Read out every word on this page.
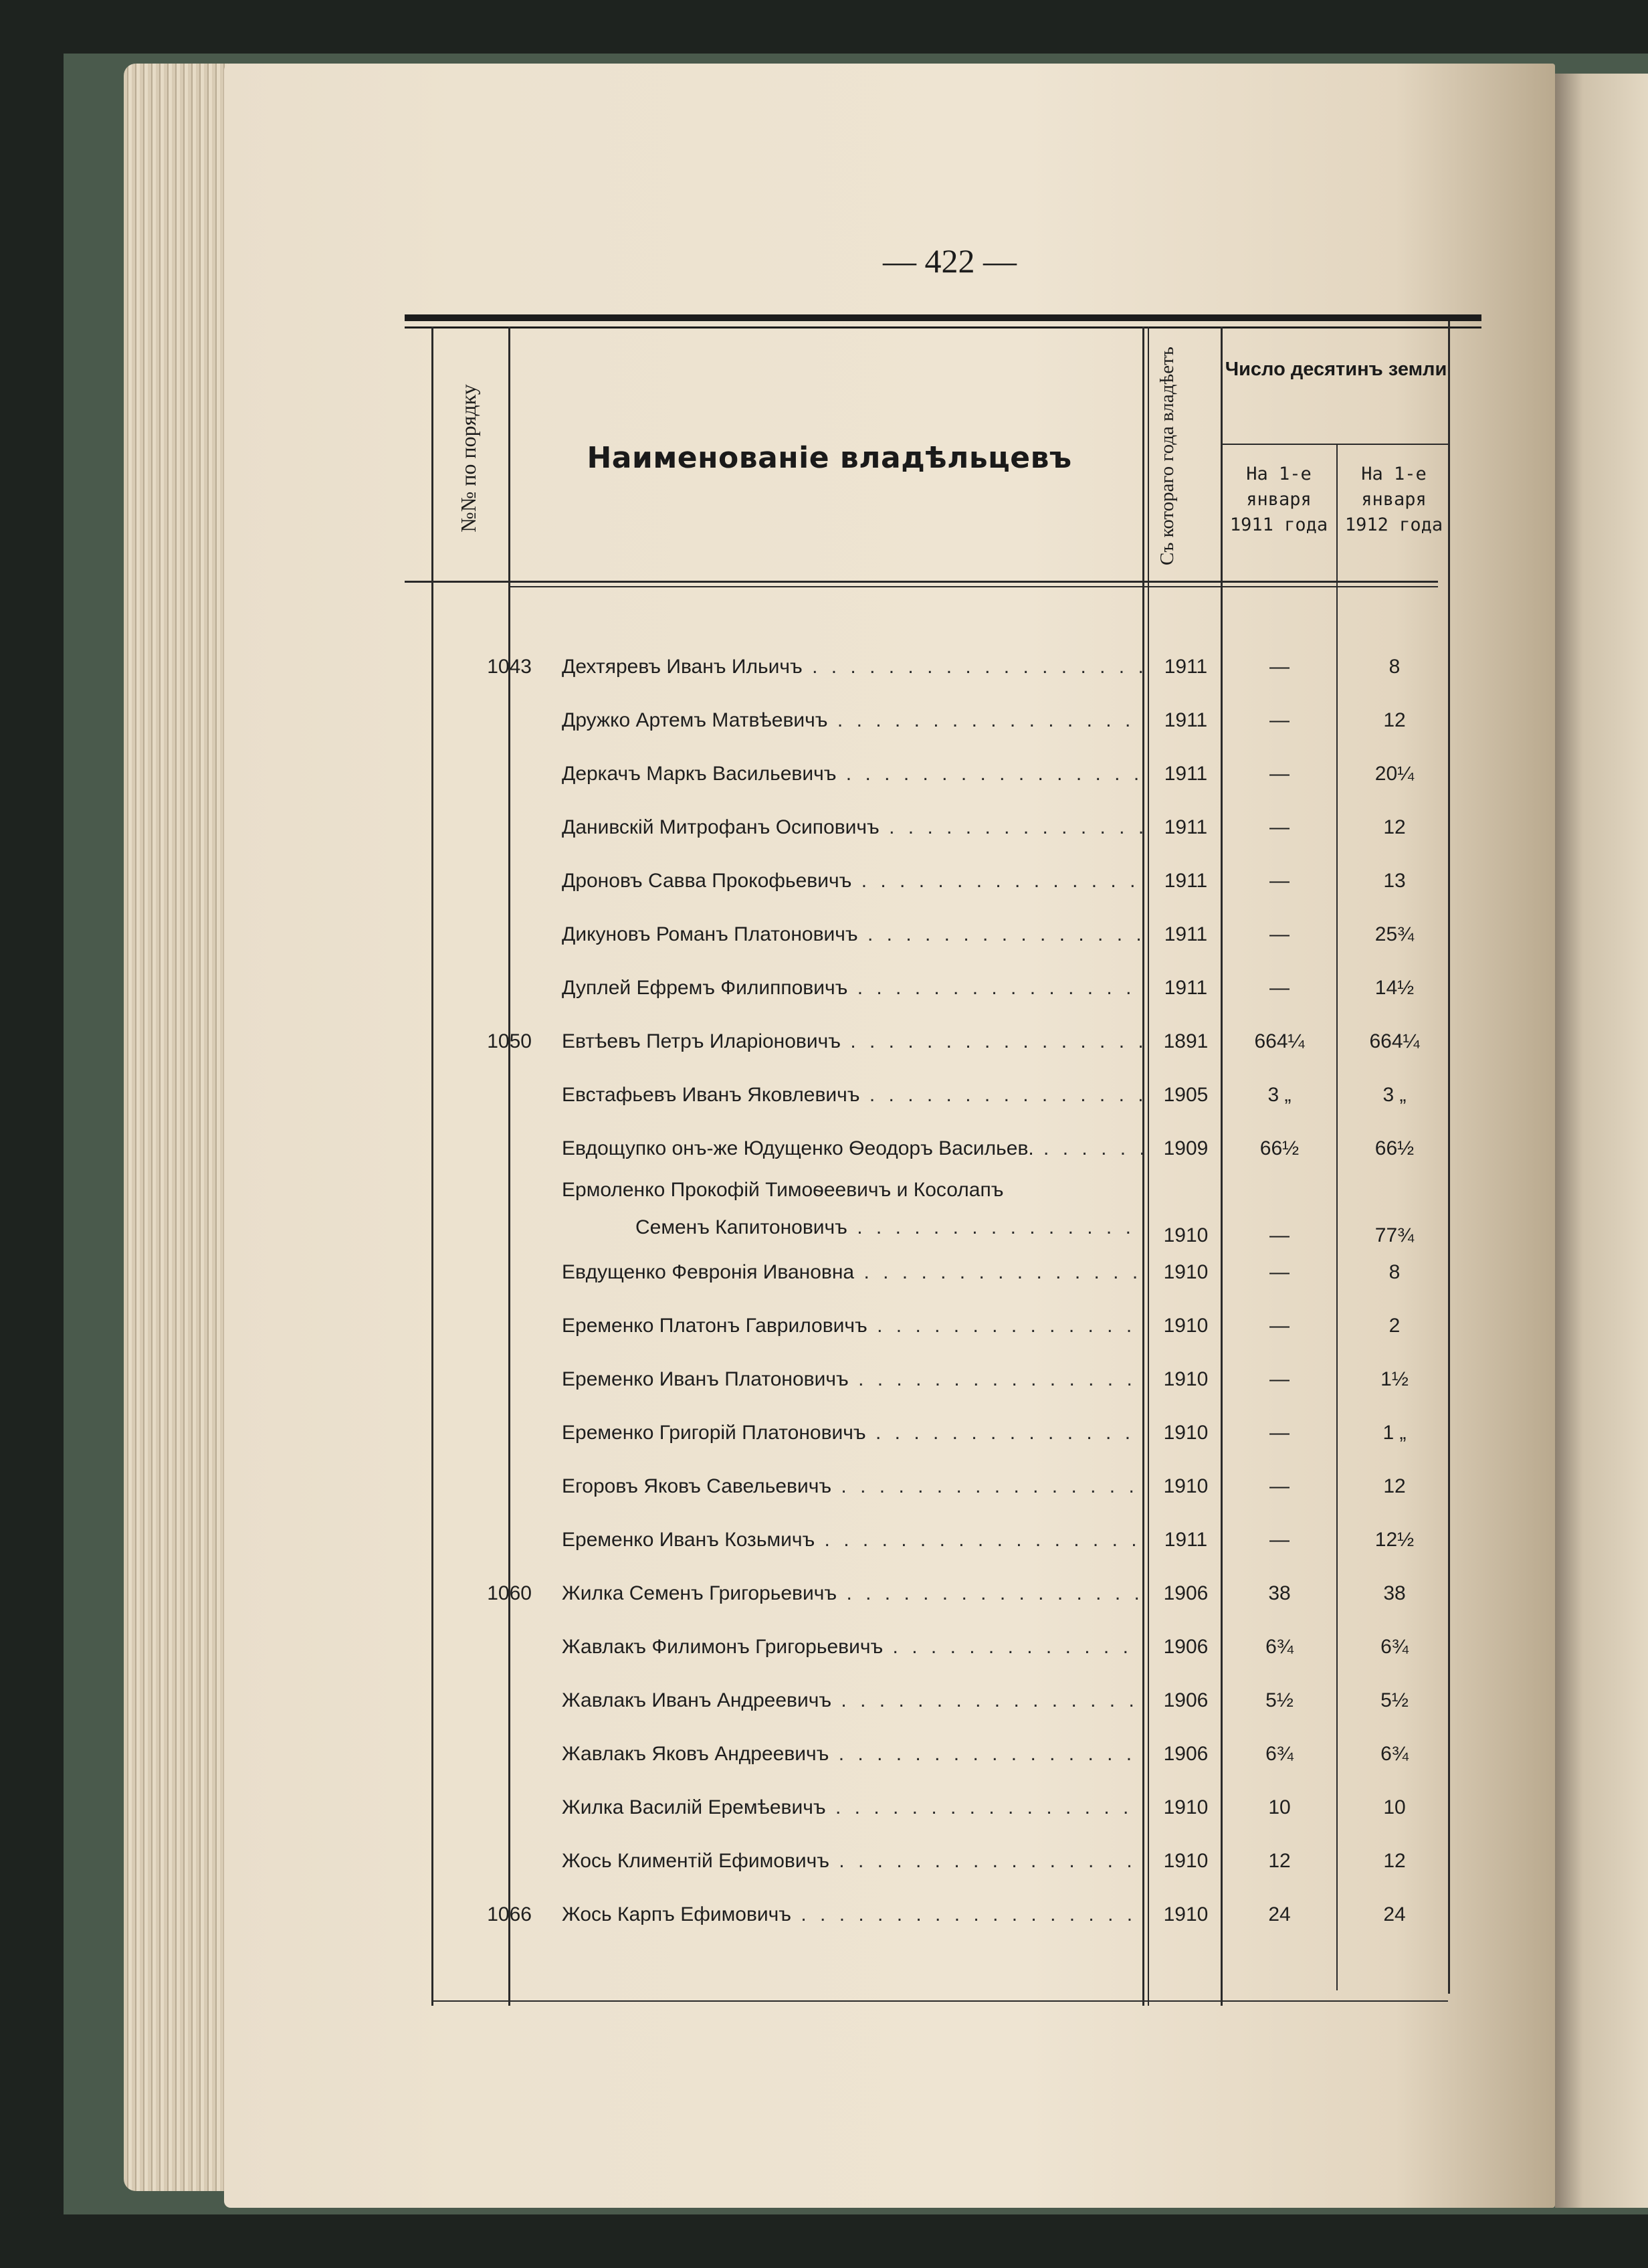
— 422 —
№№ по порядку	Наименованіе владѣльцевъ	Съ котораго года владѣетъ	Число десятинъ земли
На 1-е января 1911 года
На 1-е января 1912 года
1043 Дехтяревъ Иванъ Ильичъ . .	1911	—	8
Дружко Артемъ Матвѣевичъ . .	1911	—	12
Деркачъ Маркъ Васильевичъ . .	1911	—	20¼
Данивскій Митрофанъ Осиповичъ . .	1911	—	12
Дроновъ Савва Прокофьевичъ . .	1911	—	13
Дикуновъ Романъ Платоновичъ . .	1911	—	25¾
Дуплей Ефремъ Филипповичъ . .	1911	—	14½
1050 Евтѣевъ Петръ Иларіоновичъ . .	1891	664¼	664¼
Евстафьевъ Иванъ Яковлевичъ . .	1905	3 „	3 „
Евдощупко онъ-же Юдущенко Ѳеодоръ Васильев. . .	1909	66½	66½
Ермоленко Прокофій Тимоѳеевичъ и Косолапъ
Семенъ Капитоновичъ . .	1910	—	77¾
Евдущенко Февронія Ивановна . .	1910	—	8
Еременко Платонъ Гавриловичъ . .	1910	—	2
Еременко Иванъ Платоновичъ . .	1910	—	1½
Еременко Григорій Платоновичъ . .	1910	—	1 „
Егоровъ Яковъ Савельевичъ . .	1910	—	12
Еременко Иванъ Козьмичъ . .	1911	—	12½
1060 Жилка Семенъ Григорьевичъ . .	1906	38	38
Жавлакъ Филимонъ Григорьевичъ . .	1906	6¾	6¾
Жавлакъ Иванъ Андреевичъ . .	1906	5½	5½
Жавлакъ Яковъ Андреевичъ . .	1906	6¾	6¾
Жилка Василій Еремѣевичъ . .	1910	10	10
Жось Климентій Ефимовичъ . .	1910	12	12
1066 Жось Карпъ Ефимовичъ . .	1910	24	24
